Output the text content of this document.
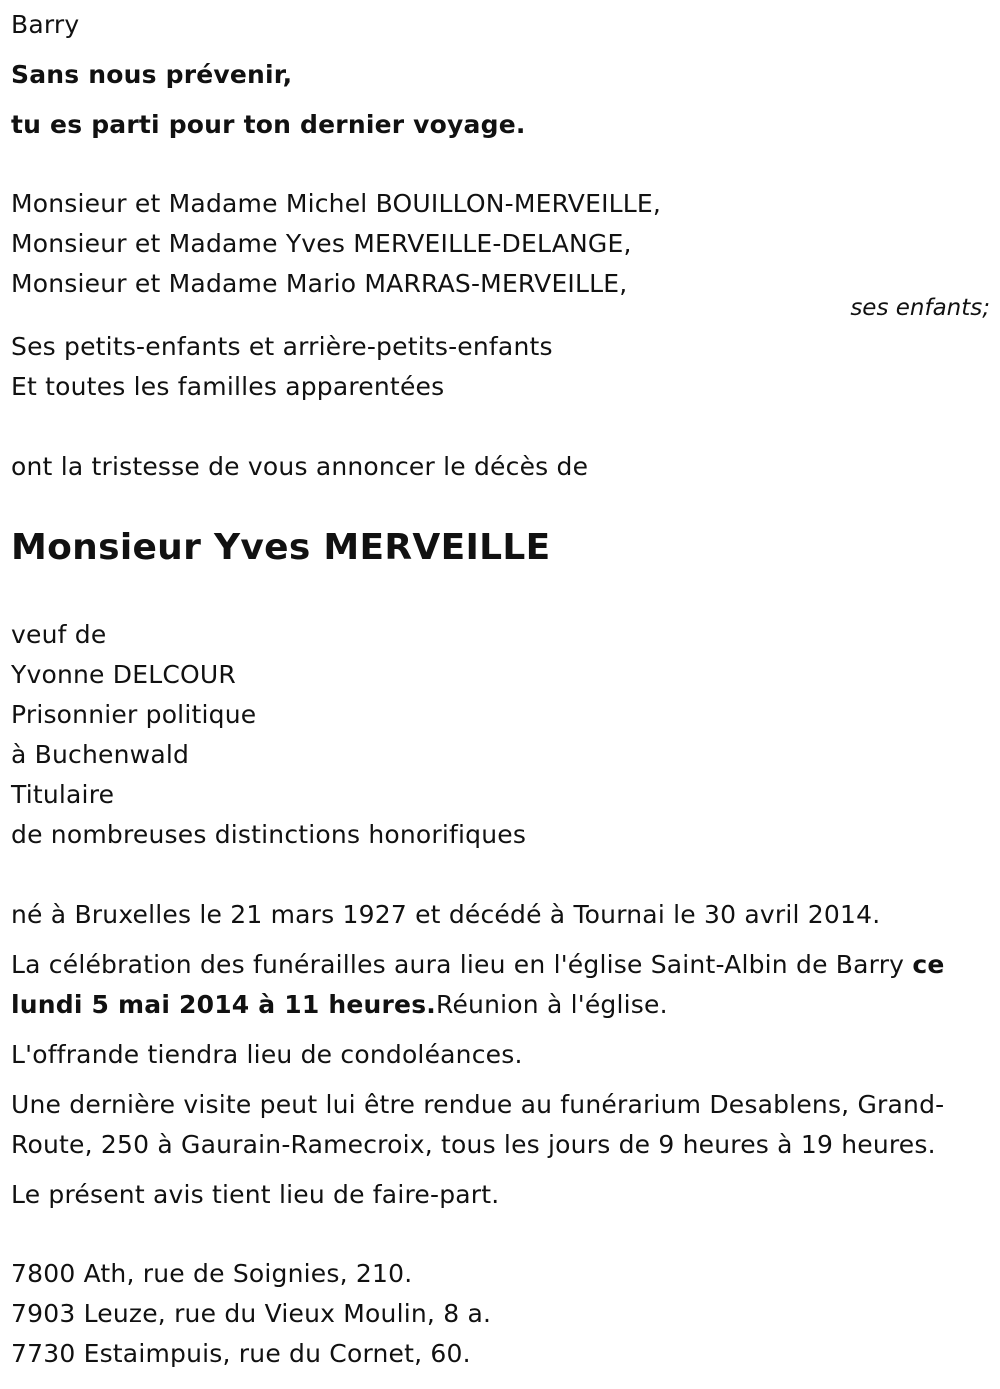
Barry
Sans nous prévenir,
tu es parti pour ton dernier voyage.
Monsieur et Madame Michel BOUILLON-MERVEILLE,
Monsieur et Madame Yves MERVEILLE-DELANGE,
Monsieur et Madame Mario MARRAS-MERVEILLE,
ses enfants;
Ses petits-enfants et arrière-petits-enfants
Et toutes les familles apparentées
ont la tristesse de vous annoncer le décès de
Monsieur Yves MERVEILLE
veuf de
Yvonne DELCOUR
Prisonnier politique
à Buchenwald
Titulaire
de nombreuses distinctions honorifiques
né à Bruxelles le 21 mars 1927 et décédé à Tournai le 30 avril 2014.
La célébration des funérailles aura lieu en l'église Saint-Albin de Barry ce
lundi 5 mai 2014 à 11 heures.Réunion à l'église.
L'offrande tiendra lieu de condoléances.
Une dernière visite peut lui être rendue au funérarium Desablens, Grand-
Route, 250 à Gaurain-Ramecroix, tous les jours de 9 heures à 19 heures.
Le présent avis tient lieu de faire-part.
7800 Ath, rue de Soignies, 210.
7903 Leuze, rue du Vieux Moulin, 8 a.
7730 Estaimpuis, rue du Cornet, 60.
